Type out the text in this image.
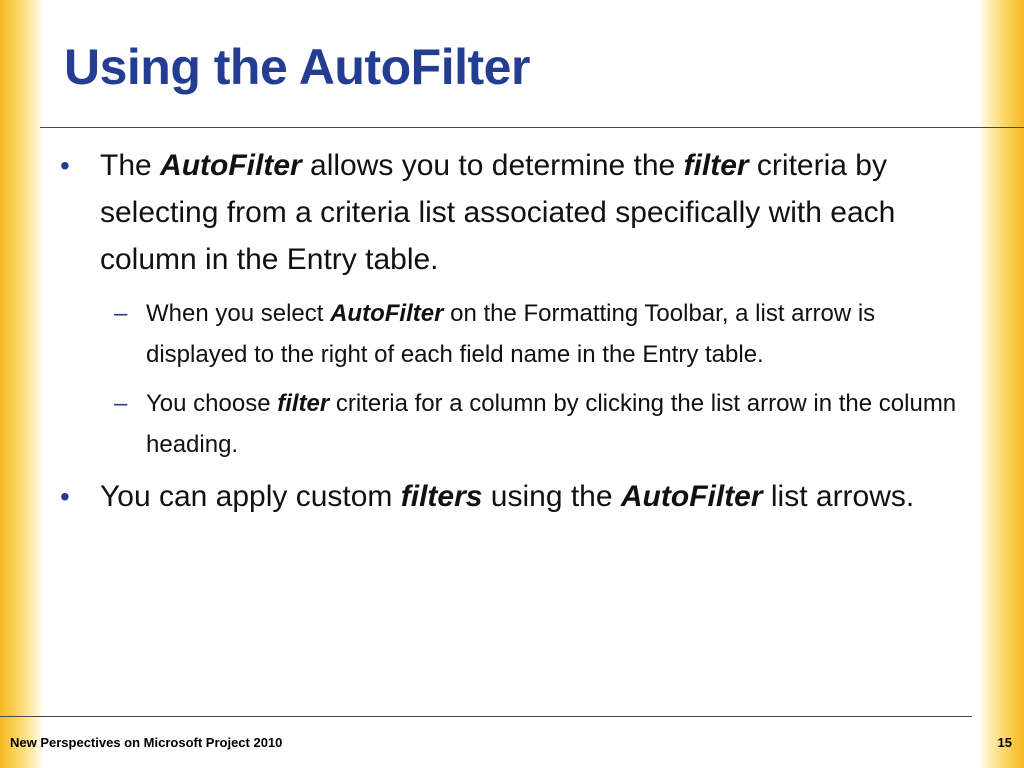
Using the AutoFilter
• The AutoFilter allows you to determine the filter criteria by selecting from a criteria list associated specifically with each column in the Entry table.
– When you select AutoFilter on the Formatting Toolbar, a list arrow is displayed to the right of each field name in the Entry table.
– You choose filter criteria for a column by clicking the list arrow in the column heading.
• You can apply custom filters using the AutoFilter list arrows.
New Perspectives on Microsoft Project 2010	15
